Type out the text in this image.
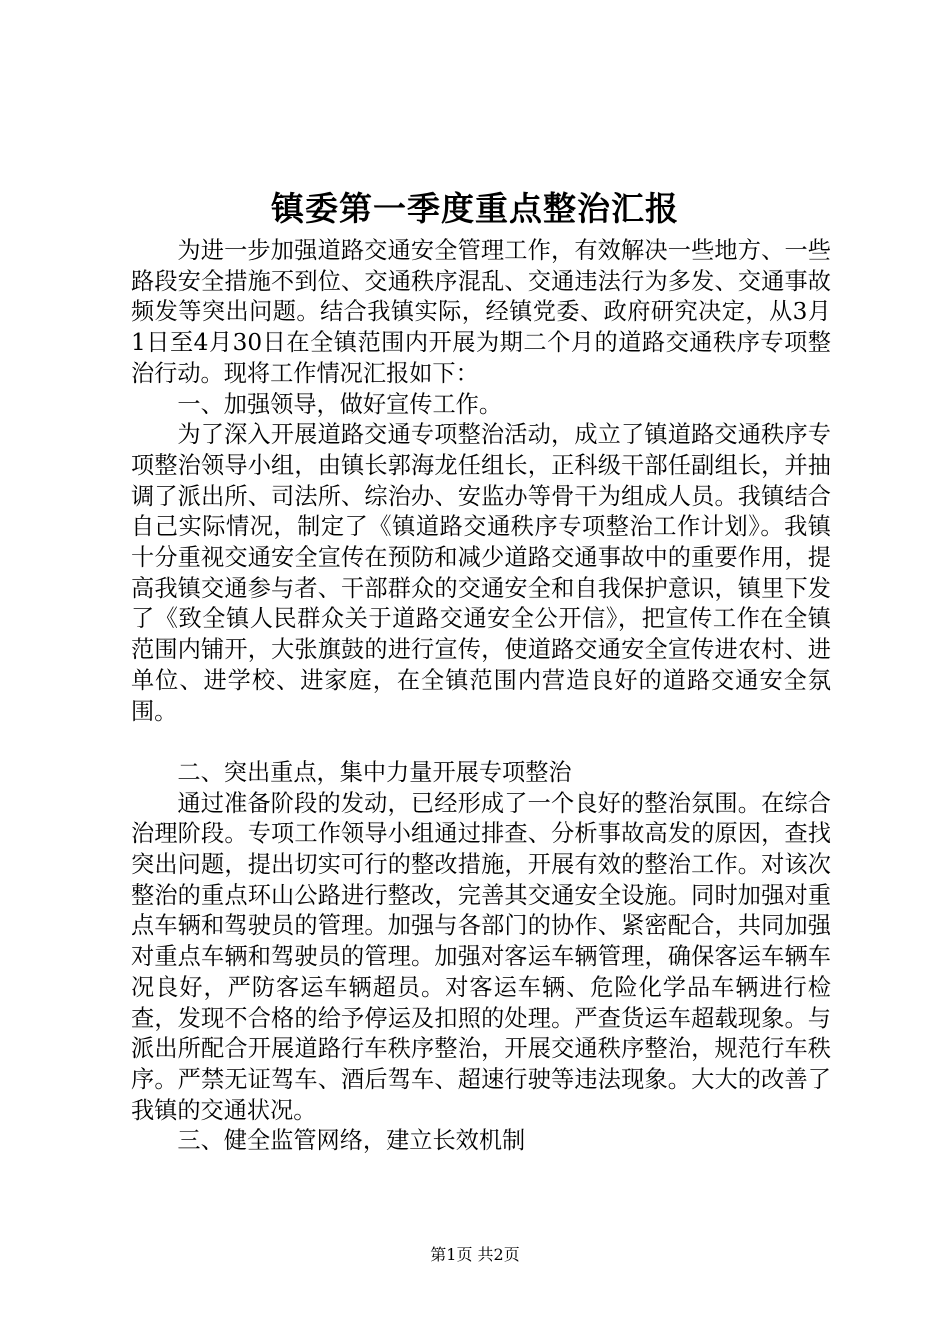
镇委第一季度重点整治汇报

为进一步加强道路交通安全管理工作，有效解决一些地方、一些路段安全措施不到位、交通秩序混乱、交通违法行为多发、交通事故频发等突出问题。结合我镇实际，经镇党委、政府研究决定，从3月1日至4月30日在全镇范围内开展为期二个月的道路交通秩序专项整治行动。现将工作情况汇报如下：

一、加强领导，做好宣传工作。

为了深入开展道路交通专项整治活动，成立了镇道路交通秩序专项整治领导小组，由镇长郭海龙任组长，正科级干部任副组长，并抽调了派出所、司法所、综治办、安监办等骨干为组成人员。我镇结合自己实际情况，制定了《镇道路交通秩序专项整治工作计划》。我镇十分重视交通安全宣传在预防和减少道路交通事故中的重要作用，提高我镇交通参与者、干部群众的交通安全和自我保护意识，镇里下发了《致全镇人民群众关于道路交通安全公开信》，把宣传工作在全镇范围内铺开，大张旗鼓的进行宣传，使道路交通安全宣传进农村、进单位、进学校、进家庭，在全镇范围内营造良好的道路交通安全氛围。

二、突出重点，集中力量开展专项整治

通过准备阶段的发动，已经形成了一个良好的整治氛围。在综合治理阶段。专项工作领导小组通过排查、分析事故高发的原因，查找突出问题，提出切实可行的整改措施，开展有效的整治工作。对该次整治的重点环山公路进行整改，完善其交通安全设施。同时加强对重点车辆和驾驶员的管理。加强与各部门的协作、紧密配合，共同加强对重点车辆和驾驶员的管理。加强对客运车辆管理，确保客运车辆车况良好，严防客运车辆超员。对客运车辆、危险化学品车辆进行检查，发现不合格的给予停运及扣照的处理。严查货运车超载现象。与派出所配合开展道路行车秩序整治，开展交通秩序整治，规范行车秩序。严禁无证驾车、酒后驾车、超速行驶等违法现象。大大的改善了我镇的交通状况。

三、健全监管网络，建立长效机制

第1页 共2页
